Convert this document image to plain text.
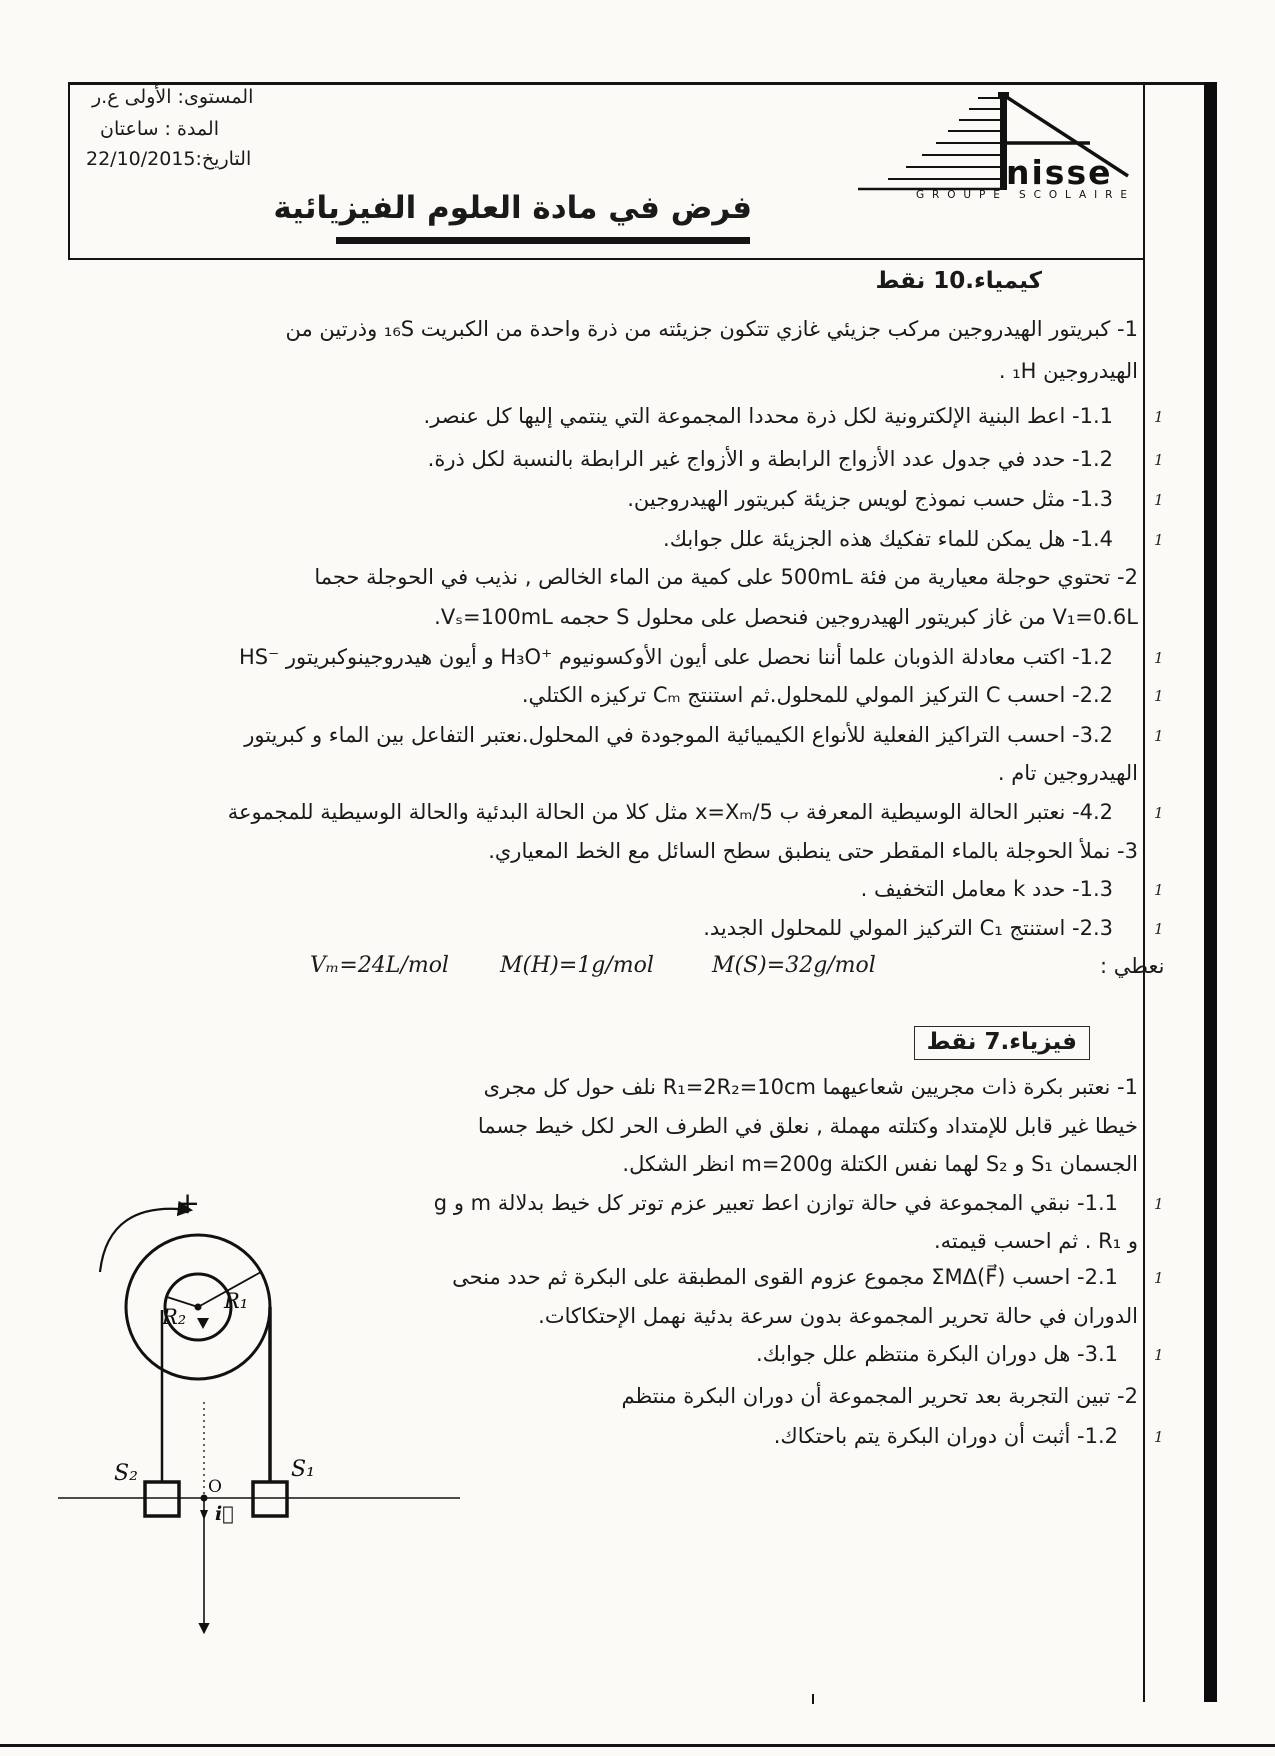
1
1
1
1
1
1
1
1
1
1
1
1
1
1
المستوى: الأولى ع.ر
المدة : ساعتان
التاريخ:22/10/2015	nisse
GROUPE SCOLAIRE
فرض في مادة العلوم الفيزيائية
كيمياء.10 نقط

1- كبريتور الهيدروجين مركب جزيئي غازي تتكون جزيئته من ذرة واحدة من الكبريت ₁₆S وذرتين من

الهيدروجين ₁H .

1.1- اعط البنية الإلكترونية لكل ذرة محددا المجموعة التي ينتمي إليها كل عنصر.

1.2- حدد في جدول عدد الأزواج الرابطة و الأزواج غير الرابطة بالنسبة لكل ذرة.

1.3- مثل حسب نموذج لويس جزيئة كبريتور الهيدروجين.

1.4- هل يمكن للماء تفكيك هذه الجزيئة علل جوابك.

2- تحتوي حوجلة معيارية من فئة 500mL على كمية من الماء الخالص , نذيب في الحوجلة حجما

V₁=0.6L من غاز كبريتور الهيدروجين فنحصل على محلول S حجمه Vₛ=100mL.

1.2- اكتب معادلة الذوبان علما أننا نحصل على أيون الأوكسونيوم H₃O⁺‎ و أيون هيدروجينوكبريتور HS⁻‎

2.2- احسب C التركيز المولي للمحلول.ثم استنتج Cₘ تركيزه الكتلي.

3.2- احسب التراكيز الفعلية للأنواع الكيميائية الموجودة في المحلول.نعتبر التفاعل بين الماء و كبريتور

الهيدروجين تام .

4.2- نعتبر الحالة الوسيطية المعرفة ب x=Xₘ/5 مثل كلا من الحالة البدئية والحالة الوسيطية للمجموعة

3- نملأ الحوجلة بالماء المقطر حتى ينطبق سطح السائل مع الخط المعياري.

1.3- حدد k معامل التخفيف .

2.3- استنتج C₁ التركيز المولي للمحلول الجديد.

نعطي :
Vₘ=24L/mol M(H)=1g/mol	M(S)=32g/mol
فيزياء.7 نقط

1- نعتبر بكرة ذات مجريين شعاعيهما R₁=2R₂=10cm نلف حول كل مجرى

خيطا غير قابل للإمتداد وكتلته مهملة , نعلق في الطرف الحر لكل خيط جسما

الجسمان S₁ و S₂ لهما نفس الكتلة m=200g انظر الشكل.

1.1- نبقي المجموعة في حالة توازن اعط تعبير عزم توتر كل خيط بدلالة m و g

و R₁ . ثم احسب قيمته.

2.1- احسب ΣMΔ(F⃗)‎ مجموع عزوم القوى المطبقة على البكرة ثم حدد منحى

الدوران في حالة تحرير المجموعة بدون سرعة بدئية نهمل الإحتكاكات.

3.1- هل دوران البكرة منتظم علل جوابك.

2- تبين التجربة بعد تحرير المجموعة أن دوران البكرة منتظم

1.2- أثبت أن دوران البكرة يتم باحتكاك.

+
R₁
R₂
S₂	S₁
O
i⃗
